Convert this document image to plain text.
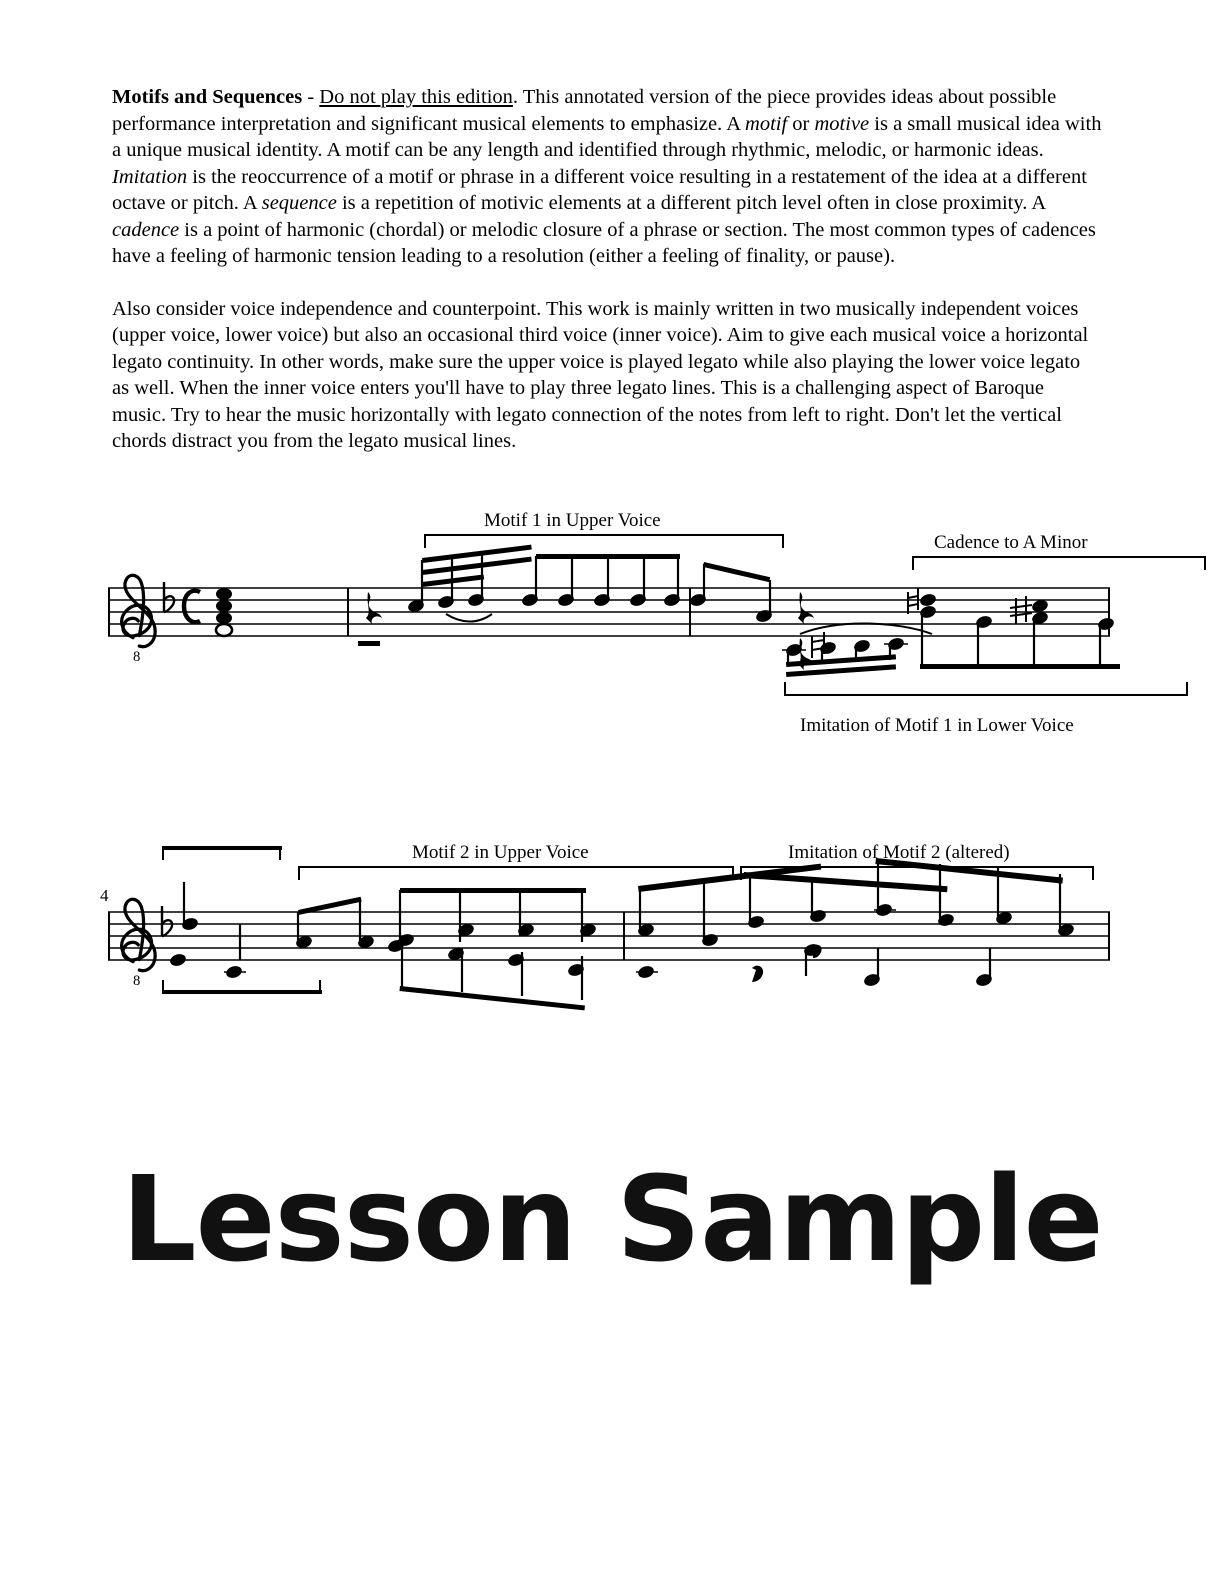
Motifs and Sequences - Do not play this edition. This annotated version of the piece provides ideas about possible performance interpretation and significant musical elements to emphasize. A motif or motive is a small musical idea with a unique musical identity. A motif can be any length and identified through rhythmic, melodic, or harmonic ideas. Imitation is the reoccurrence of a motif or phrase in a different voice resulting in a restatement of the idea at a different octave or pitch. A sequence is a repetition of motivic elements at a different pitch level often in close proximity. A cadence is a point of harmonic (chordal) or melodic closure of a phrase or section. The most common types of cadences have a feeling of harmonic tension leading to a resolution (either a feeling of finality, or pause).

Also consider voice independence and counterpoint. This work is mainly written in two musically independent voices (upper voice, lower voice) but also an occasional third voice (inner voice). Aim to give each musical voice a horizontal legato continuity. In other words, make sure the upper voice is played legato while also playing the lower voice legato as well. When the inner voice enters you'll have to play three legato lines. This is a challenging aspect of Baroque music. Try to hear the music horizontally with legato connection of the notes from left to right. Don't let the vertical chords distract you from the legato musical lines.

Motif 1 in Upper Voice
Cadence to A Minor
Imitation of Motif 1 in Lower Voice
8
Motif 2 in Upper Voice	Imitation of Motif 2 (altered)
4
8
Lesson Sample
